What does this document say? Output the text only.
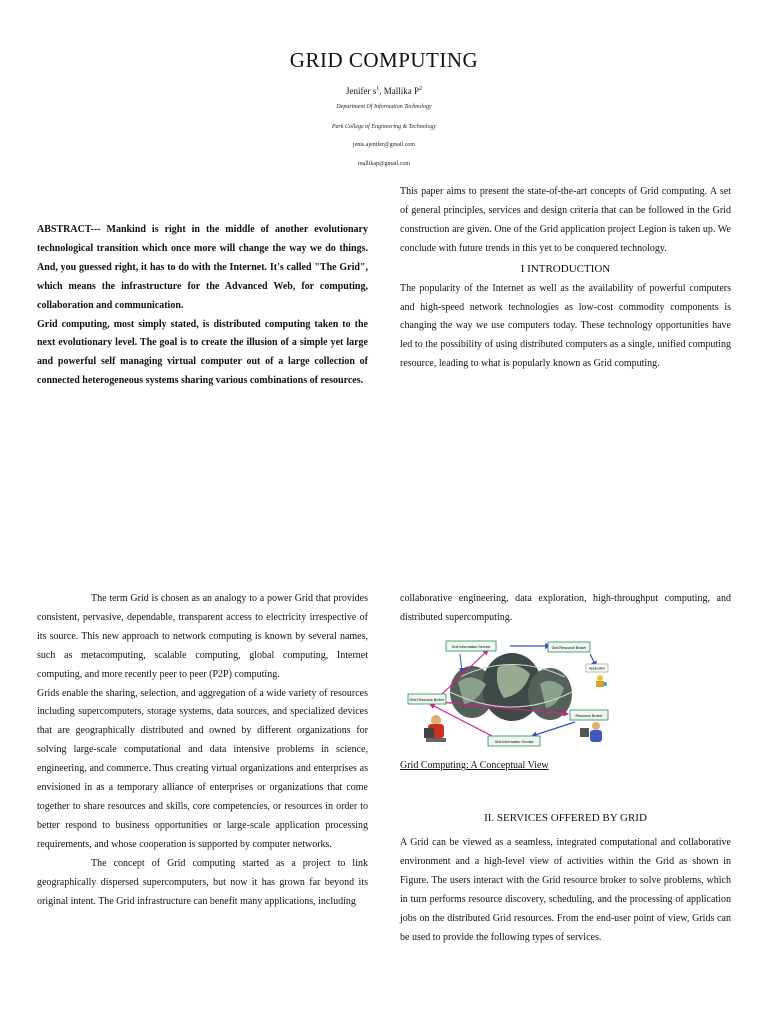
GRID COMPUTING
Jenifer $s^1$, Mallika $P^2$
Department Of Information Technology
Park College of Engineering & Technology
jenis.ajenifer@gmail.com
mallikap@gmail.com

ABSTRACT--- Mankind is right in the middle of another evolutionary technological transition which once more will change the way we do things. And, you guessed right, it has to do with the Internet. It's called "The Grid", which means the infrastructure for the Advanced Web, for computing, collaboration and communication.

Grid computing, most simply stated, is distributed computing taken to the next evolutionary level. The goal is to create the illusion of a simple yet large and powerful self managing virtual computer out of a large collection of connected heterogeneous systems sharing various combinations of resources.

This paper aims to present the state-of-the-art concepts of Grid computing. A set of general principles, services and design criteria that can be followed in the Grid construction are given. One of the Grid application project Legion is taken up. We conclude with future trends in this yet to be conquered technology.

I INTRODUCTION

The popularity of the Internet as well as the availability of powerful computers and high-speed network technologies as low-cost commodity components is changing the way we use computers today. These technology opportunities have led to the possibility of using distributed computers as a single, unified computing resource, leading to what is popularly known as Grid computing.

The term Grid is chosen as an analogy to a power Grid that provides consistent, pervasive, dependable, transparent access to electricity irrespective of its source. This new approach to network computing is known by several names, such as metacomputing, scalable computing, global computing, Internet computing, and more recently peer to peer (P2P) computing.

Grids enable the sharing, selection, and aggregation of a wide variety of resources including supercomputers, storage systems, data sources, and specialized devices that are geographically distributed and owned by different organizations for solving large-scale computational and data intensive problems in science, engineering, and commerce. Thus creating virtual organizations and enterprises as envisioned in as a temporary alliance of enterprises or organizations that come together to share resources and skills, core competencies, or resources in order to better respond to business opportunities or large-scale application processing requirements, and whose cooperation is supported by computer networks.

The concept of Grid computing started as a project to link geographically dispersed supercomputers, but now it has grown far beyond its original intent. The Grid infrastructure can benefit many applications, including

collaborative engineering, data exploration, high-throughput computing, and distributed supercomputing.

Grid Information Service	Grid Resource Broker
Application
Grid Resource Broker
Resource Broker
Grid Information Service
Grid Computing: A Conceptual View

II. SERVICES OFFERED BY GRID

A Grid can be viewed as a seamless, integrated computational and collaborative environment and a high-level view of activities within the Grid as shown in Figure. The users interact with the Grid resource broker to solve problems, which in turn performs resource discovery, scheduling, and the processing of application jobs on the distributed Grid resources. From the end-user point of view, Grids can be used to provide the following types of services.
